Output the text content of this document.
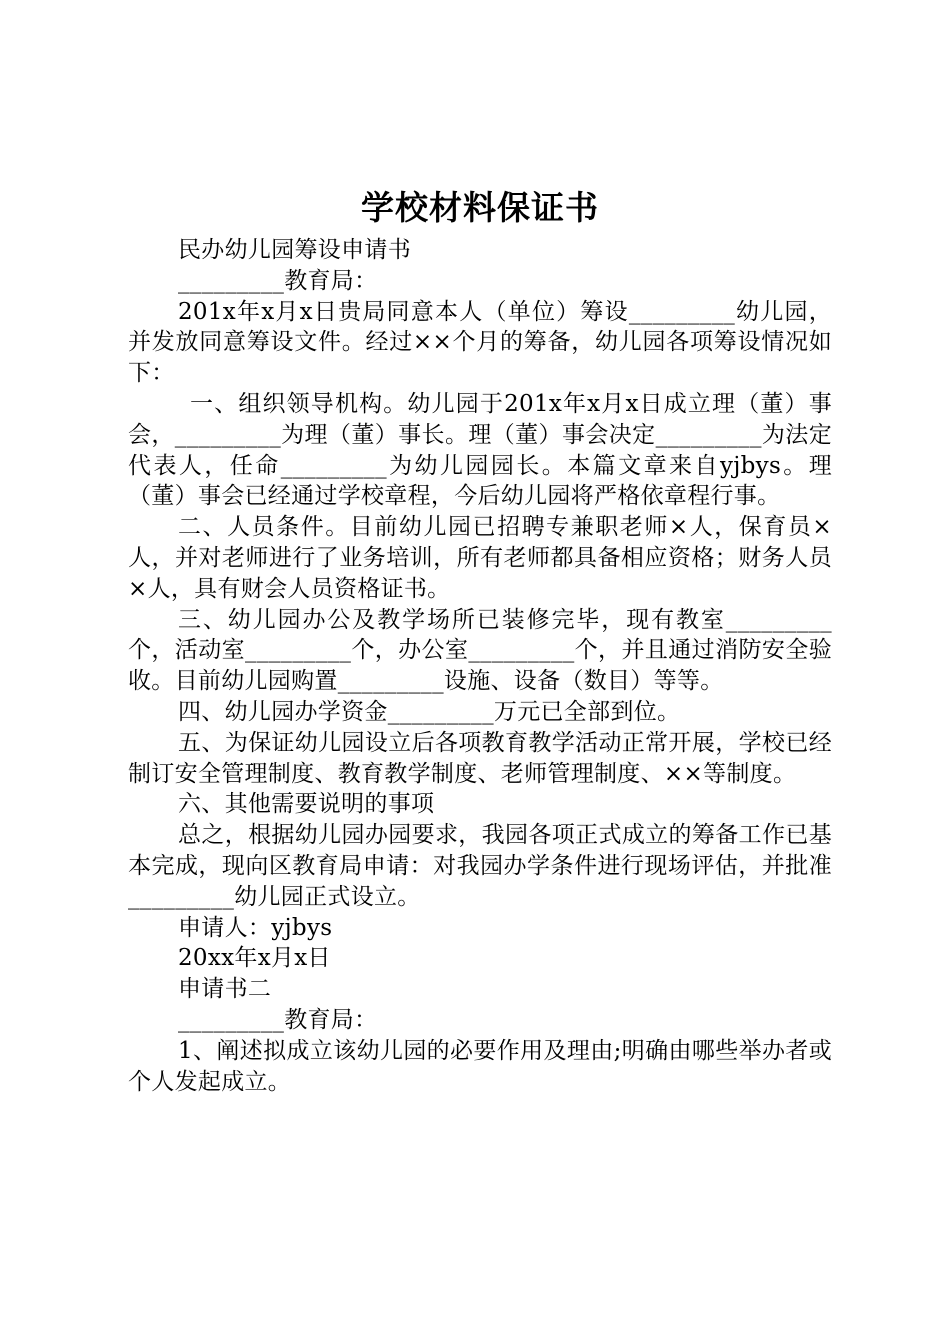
学校材料保证书

民办幼儿园筹设申请书

_________教育局：

201x年x月x日贵局同意本人（单位）筹设_________幼儿园，并发放同意筹设文件。经过××个月的筹备，幼儿园各项筹设情况如下：

一、组织领导机构。幼儿园于201x年x月x日成立理（董）事会，_________为理（董）事长。理（董）事会决定_________为法定代表人，任命_________为幼儿园园长。本篇文章来自yjbys。理（董）事会已经通过学校章程，今后幼儿园将严格依章程行事。

二、人员条件。目前幼儿园已招聘专兼职老师×人，保育员×人，并对老师进行了业务培训，所有老师都具备相应资格；财务人员×人，具有财会人员资格证书。

三、幼儿园办公及教学场所已装修完毕，现有教室_________个，活动室_________个，办公室_________个，并且通过消防安全验收。目前幼儿园购置_________设施、设备（数目）等等。

四、幼儿园办学资金_________万元已全部到位。

五、为保证幼儿园设立后各项教育教学活动正常开展，学校已经制订安全管理制度、教育教学制度、老师管理制度、××等制度。

六、其他需要说明的事项

总之，根据幼儿园办园要求，我园各项正式成立的筹备工作已基本完成，现向区教育局申请：对我园办学条件进行现场评估，并批准_________幼儿园正式设立。

申请人：yjbys

20xx年x月x日

申请书二

_________教育局：

1、阐述拟成立该幼儿园的必要作用及理由;明确由哪些举办者或个人发起成立。
